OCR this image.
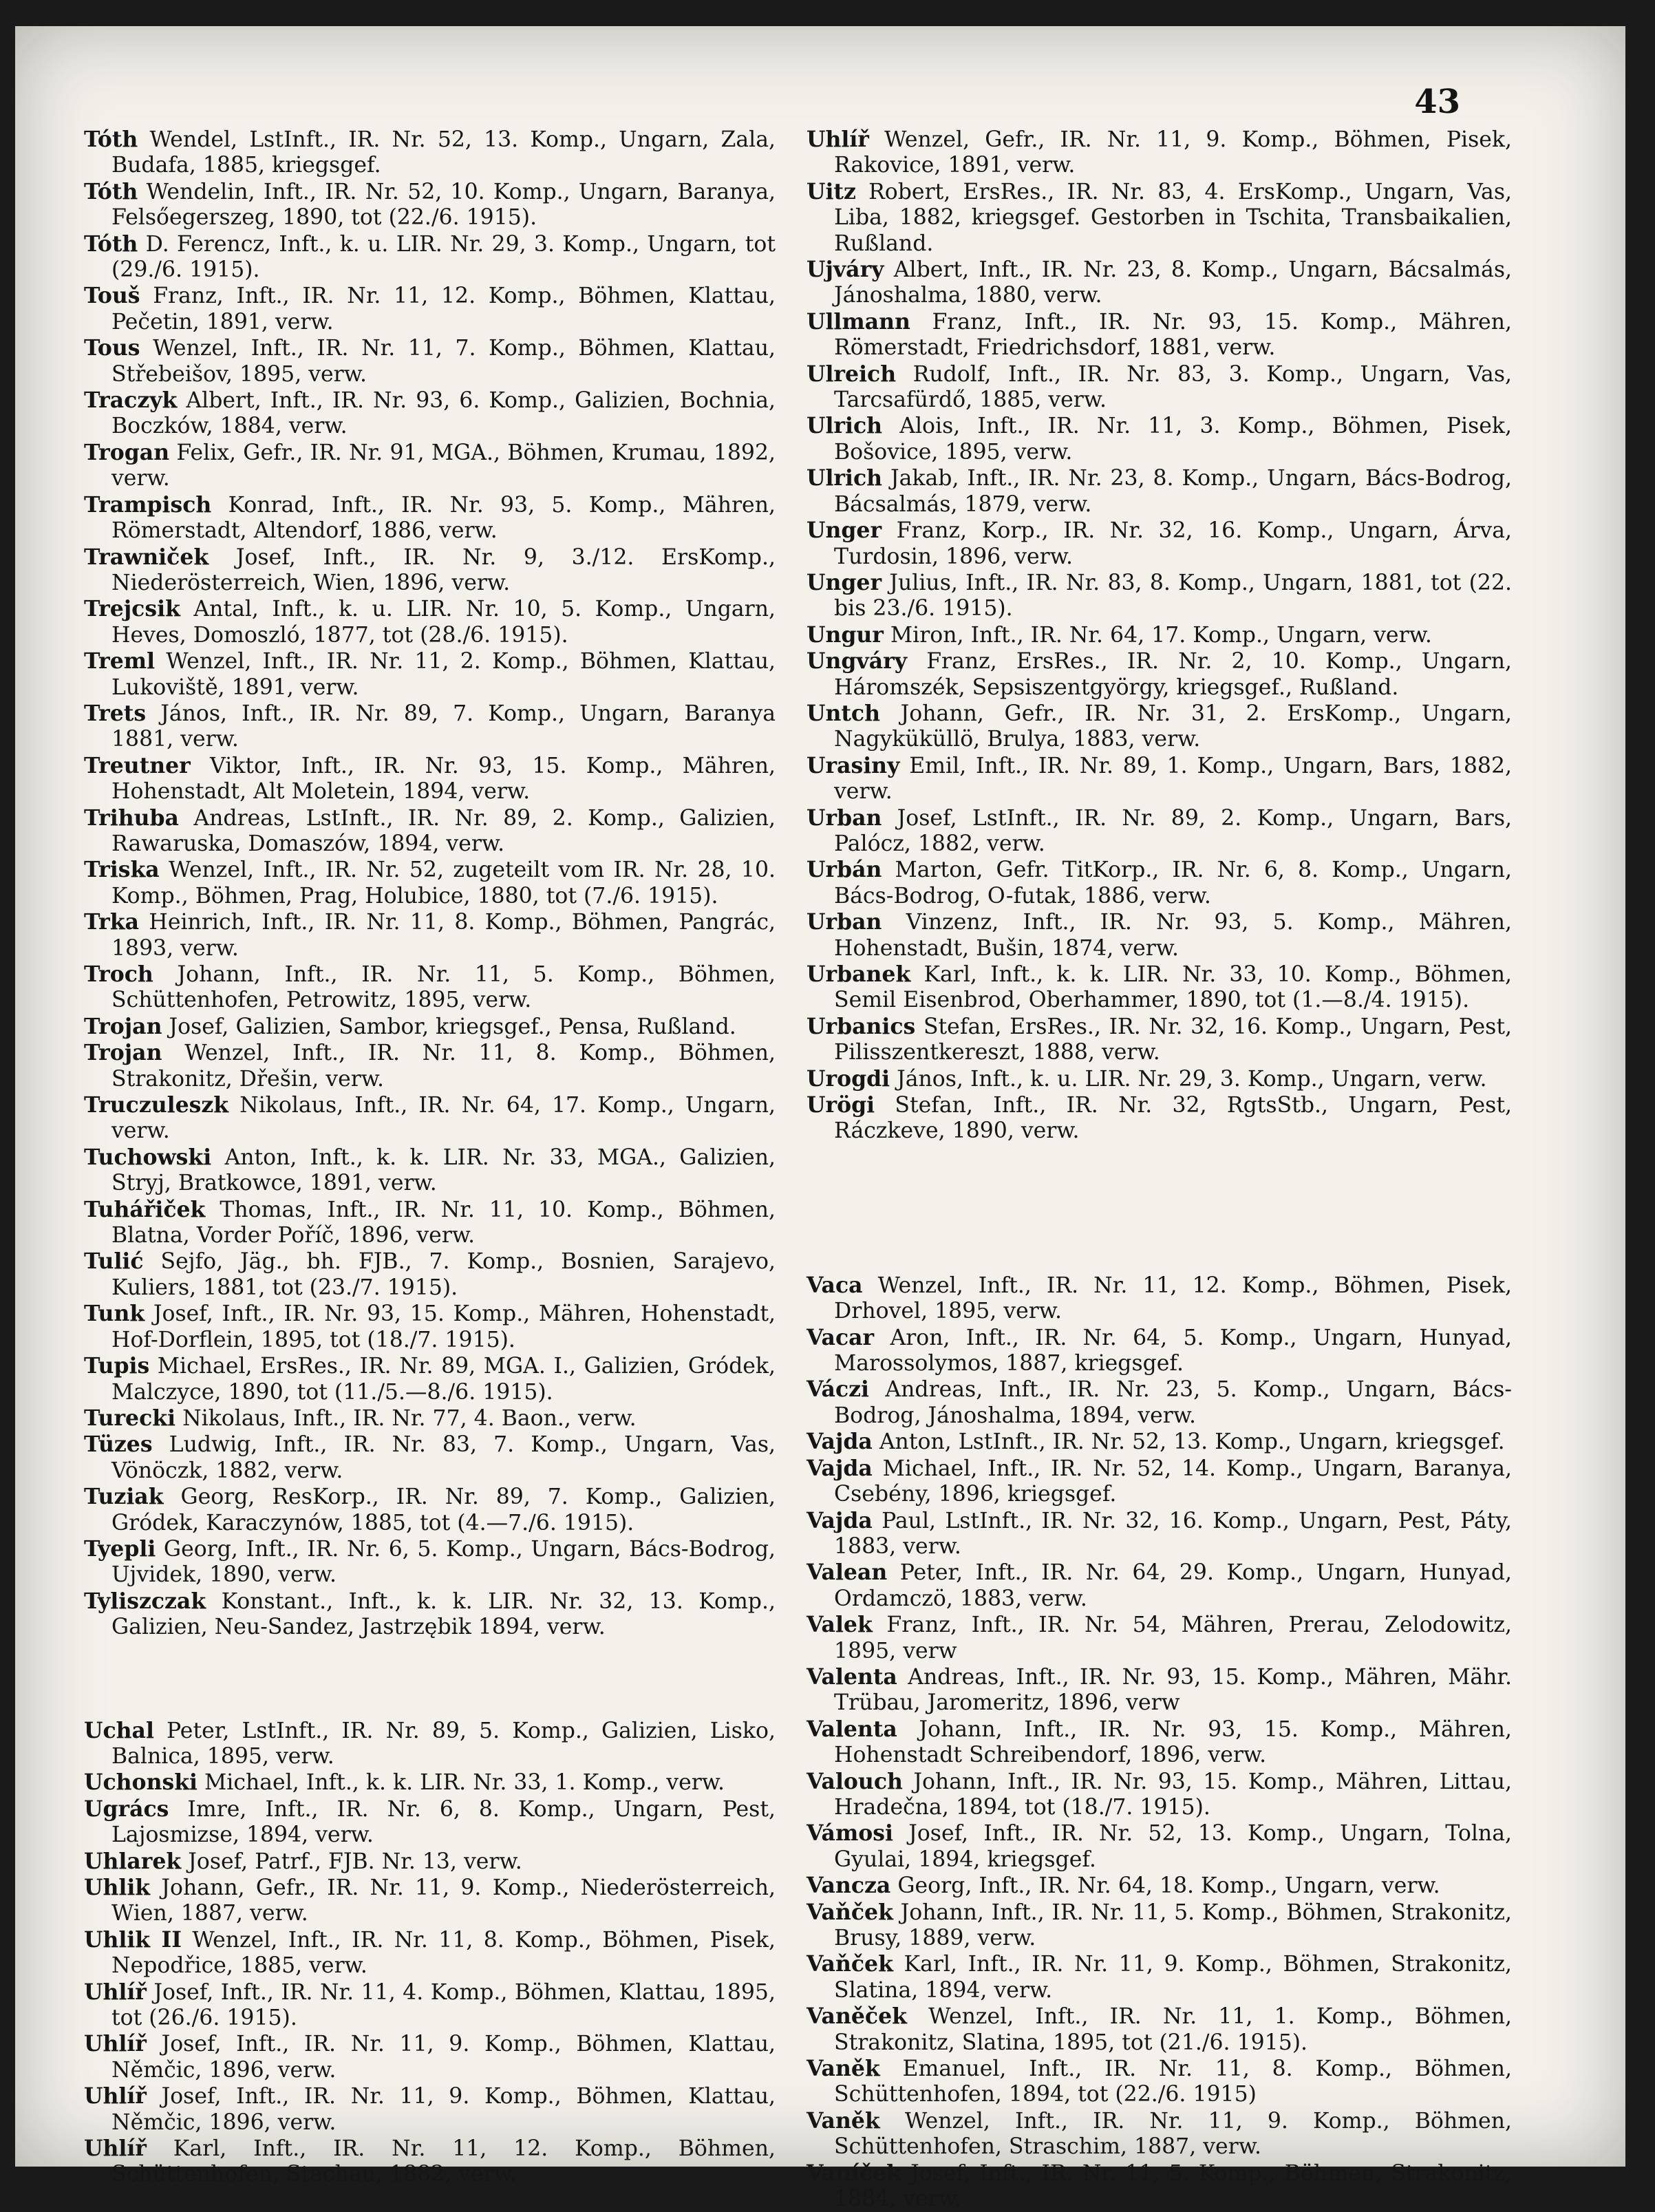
43

Tóth Wendel, LstInft., IR. Nr. 52, 13. Komp., Ungarn, Zala, Budafa, 1885, kriegsgef.

Tóth Wendelin, Inft., IR. Nr. 52, 10. Komp., Ungarn, Baranya, Felsőegerszeg, 1890, tot (22./6. 1915).

Tóth D. Ferencz, Inft., k. u. LIR. Nr. 29, 3. Komp., Ungarn, tot (29./6. 1915).

Touš Franz, Inft., IR. Nr. 11, 12. Komp., Böhmen, Klattau, Pečetin, 1891, verw.

Tous Wenzel, Inft., IR. Nr. 11, 7. Komp., Böhmen, Klattau, Střebeišov, 1895, verw.

Traczyk Albert, Inft., IR. Nr. 93, 6. Komp., Galizien, Bochnia, Boczków, 1884, verw.

Trogan Felix, Gefr., IR. Nr. 91, MGA., Böhmen, Krumau, 1892, verw.

Trampisch Konrad, Inft., IR. Nr. 93, 5. Komp., Mähren, Römerstadt, Altendorf, 1886, verw.

Trawniček Josef, Inft., IR. Nr. 9, 3./12. ErsKomp., Niederösterreich, Wien, 1896, verw.

Trejcsik Antal, Inft., k. u. LIR. Nr. 10, 5. Komp., Ungarn, Heves, Domoszló, 1877, tot (28./6. 1915).

Treml Wenzel, Inft., IR. Nr. 11, 2. Komp., Böhmen, Klattau, Lukoviště, 1891, verw.

Trets János, Inft., IR. Nr. 89, 7. Komp., Ungarn, Baranya 1881, verw.

Treutner Viktor, Inft., IR. Nr. 93, 15. Komp., Mähren, Hohenstadt, Alt Moletein, 1894, verw.

Trihuba Andreas, LstInft., IR. Nr. 89, 2. Komp., Galizien, Rawaruska, Domaszów, 1894, verw.

Triska Wenzel, Inft., IR. Nr. 52, zugeteilt vom IR. Nr. 28, 10. Komp., Böhmen, Prag, Holubice, 1880, tot (7./6. 1915).

Trka Heinrich, Inft., IR. Nr. 11, 8. Komp., Böhmen, Pangrác, 1893, verw.

Troch Johann, Inft., IR. Nr. 11, 5. Komp., Böhmen, Schüttenhofen, Petrowitz, 1895, verw.

Trojan Josef, Galizien, Sambor, kriegsgef., Pensa, Rußland.

Trojan Wenzel, Inft., IR. Nr. 11, 8. Komp., Böhmen, Strakonitz, Dřešin, verw.

Truczuleszk Nikolaus, Inft., IR. Nr. 64, 17. Komp., Ungarn, verw.

Tuchowski Anton, Inft., k. k. LIR. Nr. 33, MGA., Galizien, Stryj, Bratkowce, 1891, verw.

Tuhářiček Thomas, Inft., IR. Nr. 11, 10. Komp., Böhmen, Blatna, Vorder Poříč, 1896, verw.

Tulić Sejfo, Jäg., bh. FJB., 7. Komp., Bosnien, Sarajevo, Kuliers, 1881, tot (23./7. 1915).

Tunk Josef, Inft., IR. Nr. 93, 15. Komp., Mähren, Hohenstadt, Hof-Dorflein, 1895, tot (18./7. 1915).

Tupis Michael, ErsRes., IR. Nr. 89, MGA. I., Galizien, Gródek, Malczyce, 1890, tot (11./5.—8./6. 1915).

Turecki Nikolaus, Inft., IR. Nr. 77, 4. Baon., verw.

Tüzes Ludwig, Inft., IR. Nr. 83, 7. Komp., Ungarn, Vas, Vönöczk, 1882, verw.

Tuziak Georg, ResKorp., IR. Nr. 89, 7. Komp., Galizien, Gródek, Karaczynów, 1885, tot (4.—7./6. 1915).

Tyepli Georg, Inft., IR. Nr. 6, 5. Komp., Ungarn, Bács-Bodrog, Ujvidek, 1890, verw.

Tyliszczak Konstant., Inft., k. k. LIR. Nr. 32, 13. Komp., Galizien, Neu-Sandez, Jastrzębik 1894, verw.

Uchal Peter, LstInft., IR. Nr. 89, 5. Komp., Galizien, Lisko, Balnica, 1895, verw.

Uchonski Michael, Inft., k. k. LIR. Nr. 33, 1. Komp., verw.

Ugrács Imre, Inft., IR. Nr. 6, 8. Komp., Ungarn, Pest, Lajosmizse, 1894, verw.

Uhlarek Josef, Patrf., FJB. Nr. 13, verw.

Uhlik Johann, Gefr., IR. Nr. 11, 9. Komp., Niederösterreich, Wien, 1887, verw.

Uhlik II Wenzel, Inft., IR. Nr. 11, 8. Komp., Böhmen, Pisek, Nepodřice, 1885, verw.

Uhlíř Josef, Inft., IR. Nr. 11, 4. Komp., Böhmen, Klattau, 1895, tot (26./6. 1915).

Uhlíř Josef, Inft., IR. Nr. 11, 9. Komp., Böhmen, Klattau, Němčic, 1896, verw.

Uhlíř Josef, Inft., IR. Nr. 11, 9. Komp., Böhmen, Klattau, Němčic, 1896, verw.

Uhlíř Karl, Inft., IR. Nr. 11, 12. Komp., Böhmen, Schüttenhofen, Stachau, 1882, verw.

Uhlíř Wenzel, Gefr., IR. Nr. 11, 9. Komp., Böhmen, Pisek, Rakovice, 1891, verw.

Uitz Robert, ErsRes., IR. Nr. 83, 4. ErsKomp., Ungarn, Vas, Liba, 1882, kriegsgef. Gestorben in Tschita, Transbaikalien, Rußland.

Ujváry Albert, Inft., IR. Nr. 23, 8. Komp., Ungarn, Bácsalmás, Jánoshalma, 1880, verw.

Ullmann Franz, Inft., IR. Nr. 93, 15. Komp., Mähren, Römerstadt, Friedrichsdorf, 1881, verw.

Ulreich Rudolf, Inft., IR. Nr. 83, 3. Komp., Ungarn, Vas, Tarcsafürdő, 1885, verw.

Ulrich Alois, Inft., IR. Nr. 11, 3. Komp., Böhmen, Pisek, Bošovice, 1895, verw.

Ulrich Jakab, Inft., IR. Nr. 23, 8. Komp., Ungarn, Bács-Bodrog, Bácsalmás, 1879, verw.

Unger Franz, Korp., IR. Nr. 32, 16. Komp., Ungarn, Árva, Turdosin, 1896, verw.

Unger Julius, Inft., IR. Nr. 83, 8. Komp., Ungarn, 1881, tot (22. bis 23./6. 1915).

Ungur Miron, Inft., IR. Nr. 64, 17. Komp., Ungarn, verw.

Ungváry Franz, ErsRes., IR. Nr. 2, 10. Komp., Ungarn, Háromszék, Sepsiszentgyörgy, kriegsgef., Rußland.

Untch Johann, Gefr., IR. Nr. 31, 2. ErsKomp., Ungarn, Nagyküküllö, Brulya, 1883, verw.

Urasiny Emil, Inft., IR. Nr. 89, 1. Komp., Ungarn, Bars, 1882, verw.

Urban Josef, LstInft., IR. Nr. 89, 2. Komp., Ungarn, Bars, Palócz, 1882, verw.

Urbán Marton, Gefr. TitKorp., IR. Nr. 6, 8. Komp., Ungarn, Bács-Bodrog, O-futak, 1886, verw.

Urban Vinzenz, Inft., IR. Nr. 93, 5. Komp., Mähren, Hohenstadt, Bušin, 1874, verw.

Urbanek Karl, Inft., k. k. LIR. Nr. 33, 10. Komp., Böhmen, Semil Eisenbrod, Oberhammer, 1890, tot (1.—8./4. 1915).

Urbanics Stefan, ErsRes., IR. Nr. 32, 16. Komp., Ungarn, Pest, Pilisszentkereszt, 1888, verw.

Urogdi János, Inft., k. u. LIR. Nr. 29, 3. Komp., Ungarn, verw.

Urögi Stefan, Inft., IR. Nr. 32, RgtsStb., Ungarn, Pest, Ráczkeve, 1890, verw.

Vaca Wenzel, Inft., IR. Nr. 11, 12. Komp., Böhmen, Pisek, Drhovel, 1895, verw.

Vacar Aron, Inft., IR. Nr. 64, 5. Komp., Ungarn, Hunyad, Marossolymos, 1887, kriegsgef.

Váczi Andreas, Inft., IR. Nr. 23, 5. Komp., Ungarn, Bács-Bodrog, Jánoshalma, 1894, verw.

Vajda Anton, LstInft., IR. Nr. 52, 13. Komp., Ungarn, kriegsgef.

Vajda Michael, Inft., IR. Nr. 52, 14. Komp., Ungarn, Baranya, Csebény, 1896, kriegsgef.

Vajda Paul, LstInft., IR. Nr. 32, 16. Komp., Ungarn, Pest, Páty, 1883, verw.

Valean Peter, Inft., IR. Nr. 64, 29. Komp., Ungarn, Hunyad, Ordamczö, 1883, verw.

Valek Franz, Inft., IR. Nr. 54, Mähren, Prerau, Zelodowitz, 1895, verw

Valenta Andreas, Inft., IR. Nr. 93, 15. Komp., Mähren, Mähr. Trübau, Jaromeritz, 1896, verw

Valenta Johann, Inft., IR. Nr. 93, 15. Komp., Mähren, Hohenstadt Schreibendorf, 1896, verw.

Valouch Johann, Inft., IR. Nr. 93, 15. Komp., Mähren, Littau, Hradečna, 1894, tot (18./7. 1915).

Vámosi Josef, Inft., IR. Nr. 52, 13. Komp., Ungarn, Tolna, Gyulai, 1894, kriegsgef.

Vancza Georg, Inft., IR. Nr. 64, 18. Komp., Ungarn, verw.

Vaňček Johann, Inft., IR. Nr. 11, 5. Komp., Böhmen, Strakonitz, Brusy, 1889, verw.

Vaňček Karl, Inft., IR. Nr. 11, 9. Komp., Böhmen, Strakonitz, Slatina, 1894, verw.

Vaněček Wenzel, Inft., IR. Nr. 11, 1. Komp., Böhmen, Strakonitz, Slatina, 1895, tot (21./6. 1915).

Vaněk Emanuel, Inft., IR. Nr. 11, 8. Komp., Böhmen, Schüttenhofen, 1894, tot (22./6. 1915)

Vaněk Wenzel, Inft., IR. Nr. 11, 9. Komp., Böhmen, Schüttenhofen, Straschim, 1887, verw.

Vaníček Josef, Inft., IR. Nr. 11, 5. Komp., Böhmen, Strakonitz, 1884, verw.
